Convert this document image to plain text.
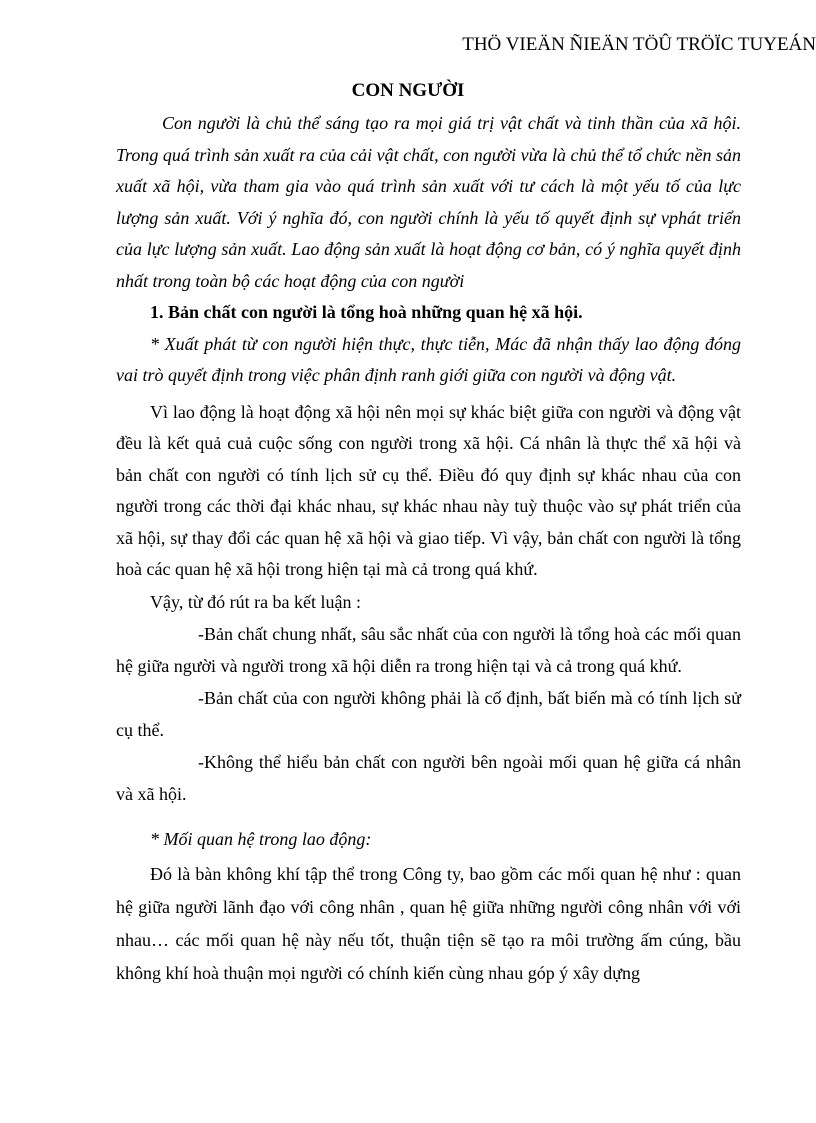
THÖ VIEÄN ÑIEÄN TÖÛ TRÖÏC TUYEÁN
CON NGƯỜI

Con người là chủ thể sáng tạo ra mọi giá trị vật chất và tinh thần của xã hội. Trong quá trình sản xuất ra của cải vật chất, con người vừa là chủ thể tổ chức nền sản xuất xã hội, vừa tham gia vào quá trình sản xuất với tư cách là một yếu tố của lực lượng sản xuất. Với ý nghĩa đó, con người chính là yếu tố quyết định sự vphát triển của lực lượng sản xuất. Lao động sản xuất là hoạt động cơ bản, có ý nghĩa quyết định nhất trong toàn bộ các hoạt động của con người

1. Bản chất con người là tổng hoà những quan hệ xã hội.

* Xuất phát từ con người hiện thực, thực tiễn, Mác đã nhận thấy lao động đóng vai trò quyết định trong việc phân định ranh giới giữa con người và động vật.

Vì lao động là hoạt động xã hội nên mọi sự khác biệt giữa con người và động vật đều là kết quả cuả cuộc sống con người trong xã hội. Cá nhân là thực thể xã hội và bản chất con người có tính lịch sử cụ thể. Điều đó quy định sự khác nhau của con người trong các thời đại khác nhau, sự khác nhau này tuỳ thuộc vào sự phát triển của xã hội, sự thay đổi các quan hệ xã hội và giao tiếp. Vì vậy, bản chất con người là tổng hoà các quan hệ xã hội trong hiện tại mà cả trong quá khứ.

Vậy, từ đó rút ra ba kết luận :

-Bản chất chung nhất, sâu sắc nhất của con người là tổng hoà các mối quan hệ giữa người và người trong xã hội diễn ra trong hiện tại và cả trong quá khứ.

-Bản chất của con người không phải là cố định, bất biến mà có tính lịch sử cụ thể.

-Không thể hiểu bản chất con người bên ngoài mối quan hệ giữa cá nhân và xã hội.

* Mối quan hệ trong lao động:

Đó là bàn không khí tập thể trong Công ty, bao gồm các mối quan hệ như : quan hệ giữa người lãnh đạo với công nhân , quan hệ giữa những người công nhân với với nhau… các mối quan hệ này nếu tốt, thuận tiện sẽ tạo ra môi trường ấm cúng, bầu không khí hoà thuận mọi người có chính kiến cùng nhau góp ý xây dựng
